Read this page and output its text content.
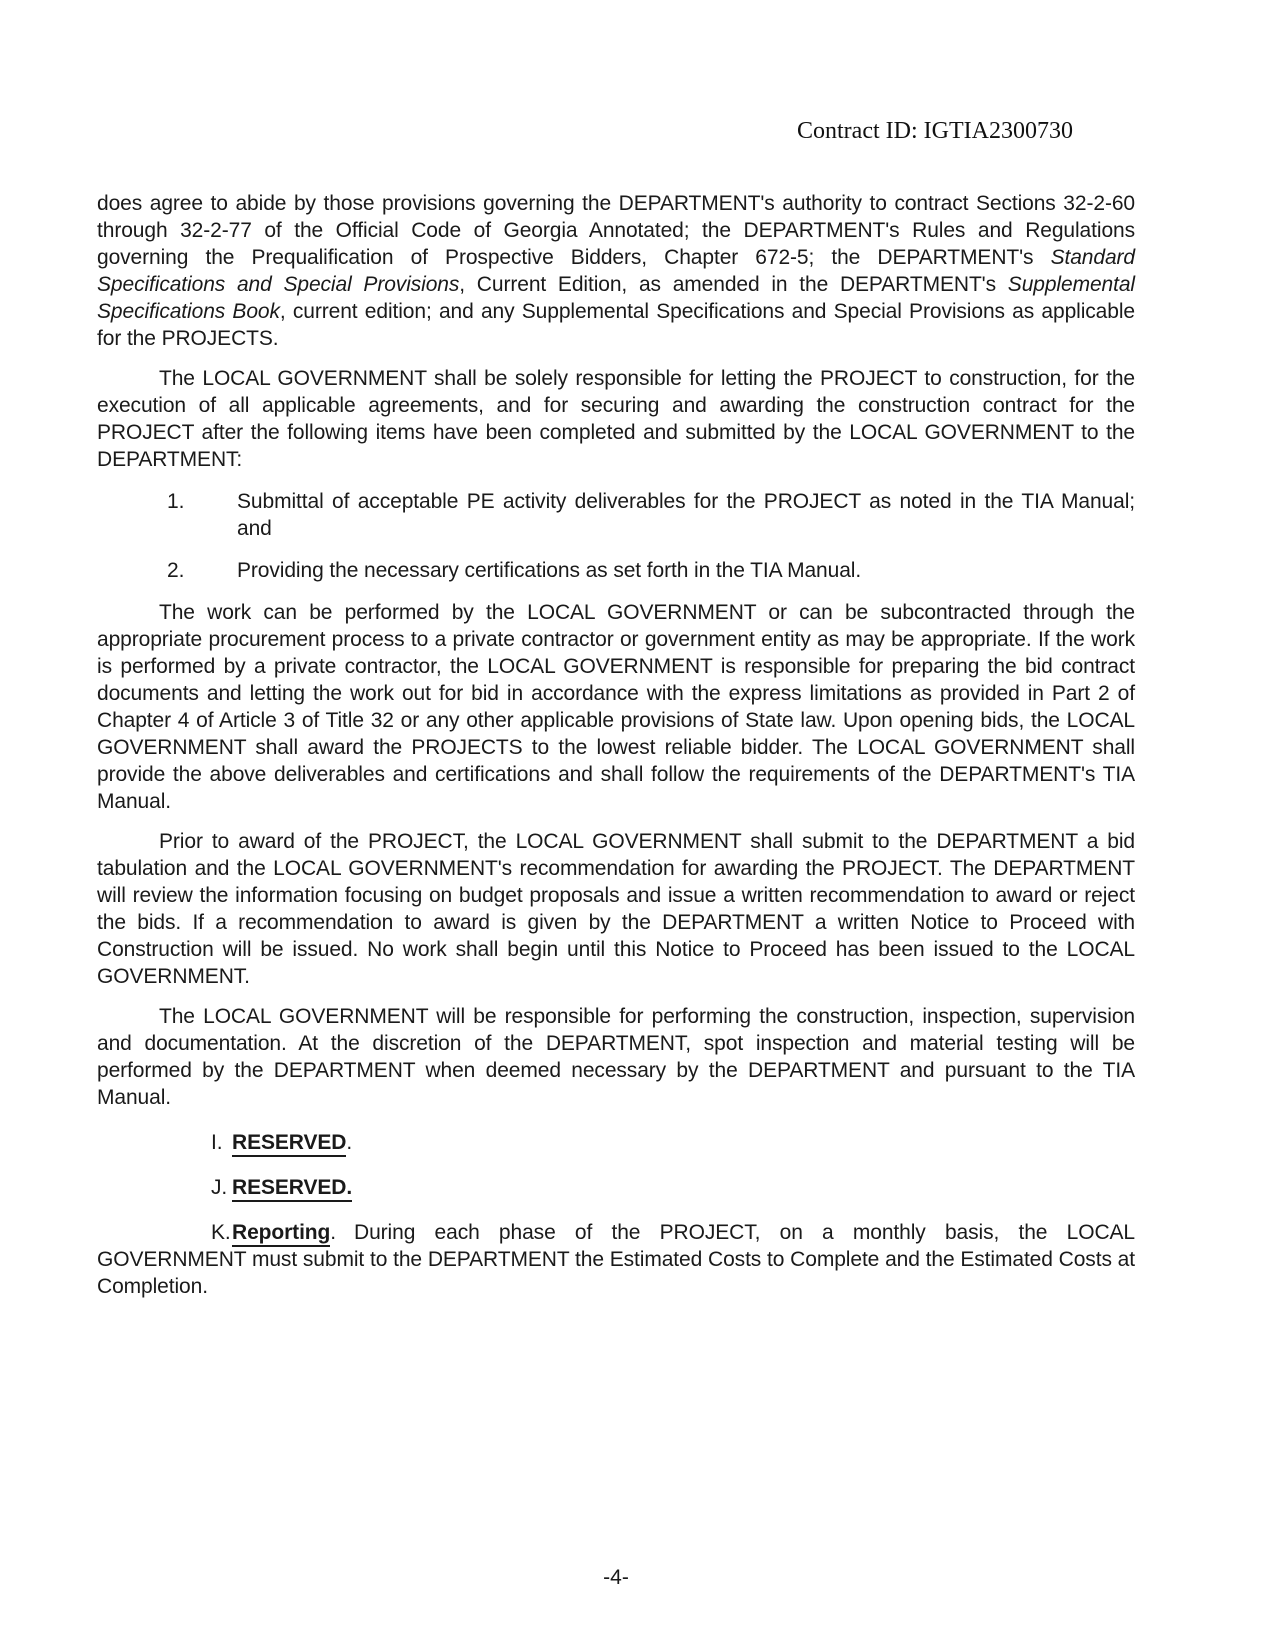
Contract ID: IGTIA2300730

does agree to abide by those provisions governing the DEPARTMENT's authority to contract Sections 32-2-60 through 32-2-77 of the Official Code of Georgia Annotated; the DEPARTMENT's Rules and Regulations governing the Prequalification of Prospective Bidders, Chapter 672-5; the DEPARTMENT's Standard Specifications and Special Provisions, Current Edition, as amended in the DEPARTMENT's Supplemental Specifications Book, current edition; and any Supplemental Specifications and Special Provisions as applicable for the PROJECTS.

The LOCAL GOVERNMENT shall be solely responsible for letting the PROJECT to construction, for the execution of all applicable agreements, and for securing and awarding the construction contract for the PROJECT after the following items have been completed and submitted by the LOCAL GOVERNMENT to the DEPARTMENT:

1.	Submittal of acceptable PE activity deliverables for the PROJECT as noted in the TIA Manual; and
2.	Providing the necessary certifications as set forth in the TIA Manual.

The work can be performed by the LOCAL GOVERNMENT or can be subcontracted through the appropriate procurement process to a private contractor or government entity as may be appropriate. If the work is performed by a private contractor, the LOCAL GOVERNMENT is responsible for preparing the bid contract documents and letting the work out for bid in accordance with the express limitations as provided in Part 2 of Chapter 4 of Article 3 of Title 32 or any other applicable provisions of State law. Upon opening bids, the LOCAL GOVERNMENT shall award the PROJECTS to the lowest reliable bidder. The LOCAL GOVERNMENT shall provide the above deliverables and certifications and shall follow the requirements of the DEPARTMENT's TIA Manual.

Prior to award of the PROJECT, the LOCAL GOVERNMENT shall submit to the DEPARTMENT a bid tabulation and the LOCAL GOVERNMENT's recommendation for awarding the PROJECT. The DEPARTMENT will review the information focusing on budget proposals and issue a written recommendation to award or reject the bids. If a recommendation to award is given by the DEPARTMENT a written Notice to Proceed with Construction will be issued. No work shall begin until this Notice to Proceed has been issued to the LOCAL GOVERNMENT.

The LOCAL GOVERNMENT will be responsible for performing the construction, inspection, supervision and documentation. At the discretion of the DEPARTMENT, spot inspection and material testing will be performed by the DEPARTMENT when deemed necessary by the DEPARTMENT and pursuant to the TIA Manual.

I. RESERVED.
J. RESERVED.

K.Reporting. During each phase of the PROJECT, on a monthly basis, the LOCAL GOVERNMENT must submit to the DEPARTMENT the Estimated Costs to Complete and the Estimated Costs at Completion.

-4-
